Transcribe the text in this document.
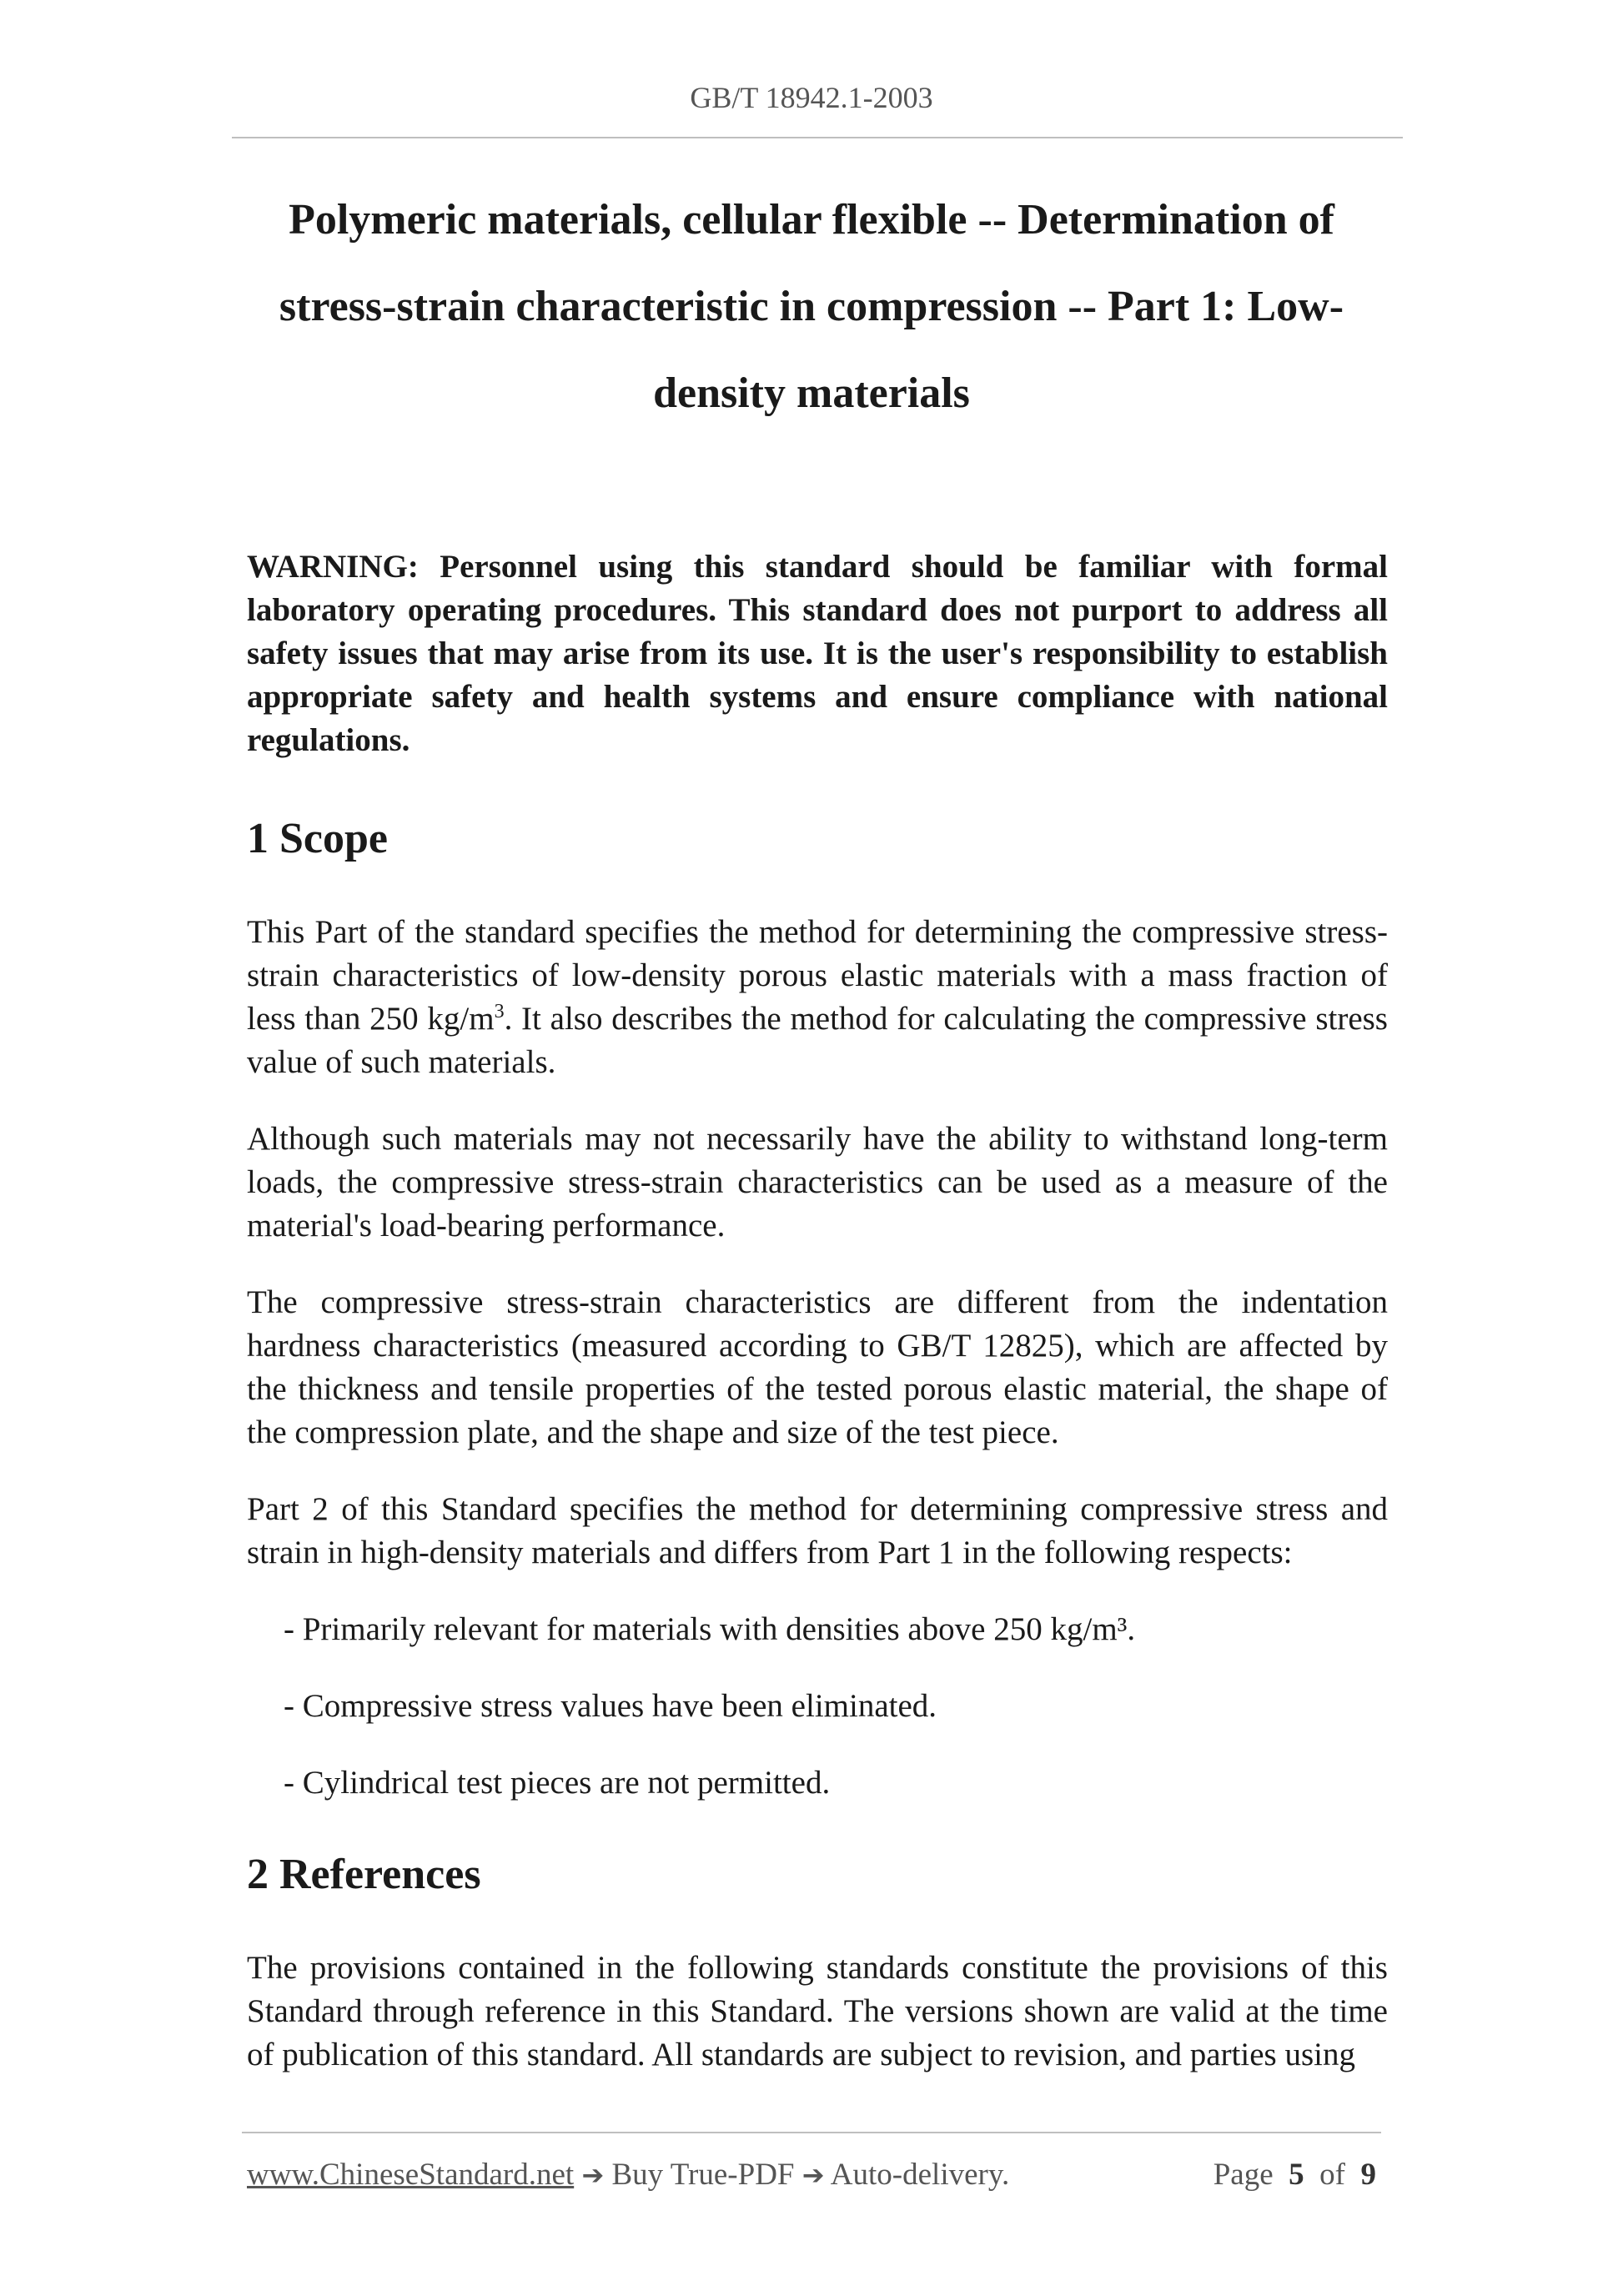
GB/T 18942.1-2003
Polymeric materials, cellular flexible -- Determination of stress-strain characteristic in compression -- Part 1: Low-density materials

WARNING: Personnel using this standard should be familiar with formal laboratory operating procedures. This standard does not purport to address all safety issues that may arise from its use. It is the user's responsibility to establish appropriate safety and health systems and ensure compliance with national regulations.

1 Scope

This Part of the standard specifies the method for determining the compressive stress-strain characteristics of low-density porous elastic materials with a mass fraction of less than 250 $kg/m^3$. It also describes the method for calculating the compressive stress value of such materials.

Although such materials may not necessarily have the ability to withstand long-term loads, the compressive stress-strain characteristics can be used as a measure of the material's load-bearing performance.

The compressive stress-strain characteristics are different from the indentation hardness characteristics (measured according to GB/T 12825), which are affected by the thickness and tensile properties of the tested porous elastic material, the shape of the compression plate, and the shape and size of the test piece.

Part 2 of this Standard specifies the method for determining compressive stress and strain in high-density materials and differs from Part 1 in the following respects:

- Primarily relevant for materials with densities above 250 kg/m³.
- Compressive stress values have been eliminated.
- Cylindrical test pieces are not permitted.
2 References

The provisions contained in the following standards constitute the provisions of this Standard through reference in this Standard. The versions shown are valid at the time of publication of this standard. All standards are subject to revision, and parties using

www.ChineseStandard.net ➔ Buy True-PDF ➔ Auto-delivery.	Page 5 of 9
